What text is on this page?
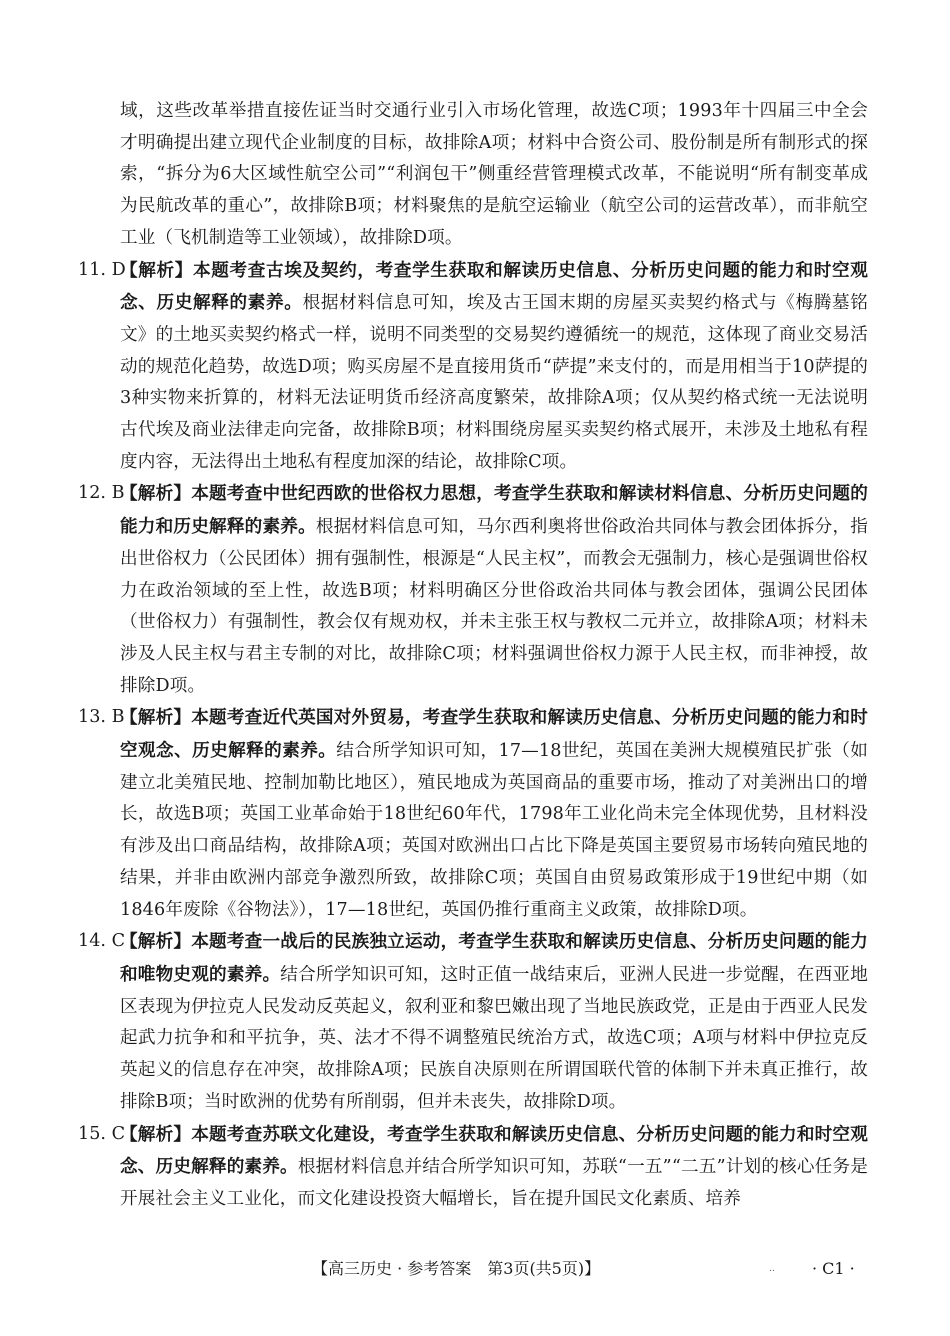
域，这些改革举措直接佐证当时交通行业引入市场化管理，故选C项；1993年十四届三中全会才明确提出建立现代企业制度的目标，故排除A项；材料中合资公司、股份制是所有制形式的探索，“拆分为6大区域性航空公司”“利润包干”侧重经营管理模式改革，不能说明“所有制变革成为民航改革的重心”，故排除B项；材料聚焦的是航空运输业（航空公司的运营改革），而非航空工业（飞机制造等工业领域），故排除D项。
11. D
【解析】本题考查古埃及契约，考查学生获取和解读历史信息、分析历史问题的能力和时空观念、历史解释的素养。根据材料信息可知，埃及古王国末期的房屋买卖契约格式与《梅腾墓铭文》的土地买卖契约格式一样，说明不同类型的交易契约遵循统一的规范，这体现了商业交易活动的规范化趋势，故选D项；购买房屋不是直接用货币“萨提”来支付的，而是用相当于10萨提的3种实物来折算的，材料无法证明货币经济高度繁荣，故排除A项；仅从契约格式统一无法说明古代埃及商业法律走向完备，故排除B项；材料围绕房屋买卖契约格式展开，未涉及土地私有程度内容，无法得出土地私有程度加深的结论，故排除C项。
12. B
【解析】本题考查中世纪西欧的世俗权力思想，考查学生获取和解读材料信息、分析历史问题的能力和历史解释的素养。根据材料信息可知，马尔西利奥将世俗政治共同体与教会团体拆分，指出世俗权力（公民团体）拥有强制性，根源是“人民主权”，而教会无强制力，核心是强调世俗权力在政治领域的至上性，故选B项；材料明确区分世俗政治共同体与教会团体，强调公民团体（世俗权力）有强制性，教会仅有规劝权，并未主张王权与教权二元并立，故排除A项；材料未涉及人民主权与君主专制的对比，故排除C项；材料强调世俗权力源于人民主权，而非神授，故排除D项。
13. B
【解析】本题考查近代英国对外贸易，考查学生获取和解读历史信息、分析历史问题的能力和时空观念、历史解释的素养。结合所学知识可知，17—18世纪，英国在美洲大规模殖民扩张（如建立北美殖民地、控制加勒比地区），殖民地成为英国商品的重要市场，推动了对美洲出口的增长，故选B项；英国工业革命始于18世纪60年代，1798年工业化尚未完全体现优势，且材料没有涉及出口商品结构，故排除A项；英国对欧洲出口占比下降是英国主要贸易市场转向殖民地的结果，并非由欧洲内部竞争激烈所致，故排除C项；英国自由贸易政策形成于19世纪中期（如1846年废除《谷物法》），17—18世纪，英国仍推行重商主义政策，故排除D项。
14. C
【解析】本题考查一战后的民族独立运动，考查学生获取和解读历史信息、分析历史问题的能力和唯物史观的素养。结合所学知识可知，这时正值一战结束后，亚洲人民进一步觉醒，在西亚地区表现为伊拉克人民发动反英起义，叙利亚和黎巴嫩出现了当地民族政党，正是由于西亚人民发起武力抗争和和平抗争，英、法才不得不调整殖民统治方式，故选C项；A项与材料中伊拉克反英起义的信息存在冲突，故排除A项；民族自决原则在所谓国联代管的体制下并未真正推行，故排除B项；当时欧洲的优势有所削弱，但并未丧失，故排除D项。
15. C
【解析】本题考查苏联文化建设，考查学生获取和解读历史信息、分析历史问题的能力和时空观念、历史解释的素养。根据材料信息并结合所学知识可知，苏联“一五”“二五”计划的核心任务是开展社会主义工业化，而文化建设投资大幅增长，旨在提升国民文化素质、培养
【高三历史 · 参考答案　第3页(共5页)】	.. · C1 ·
